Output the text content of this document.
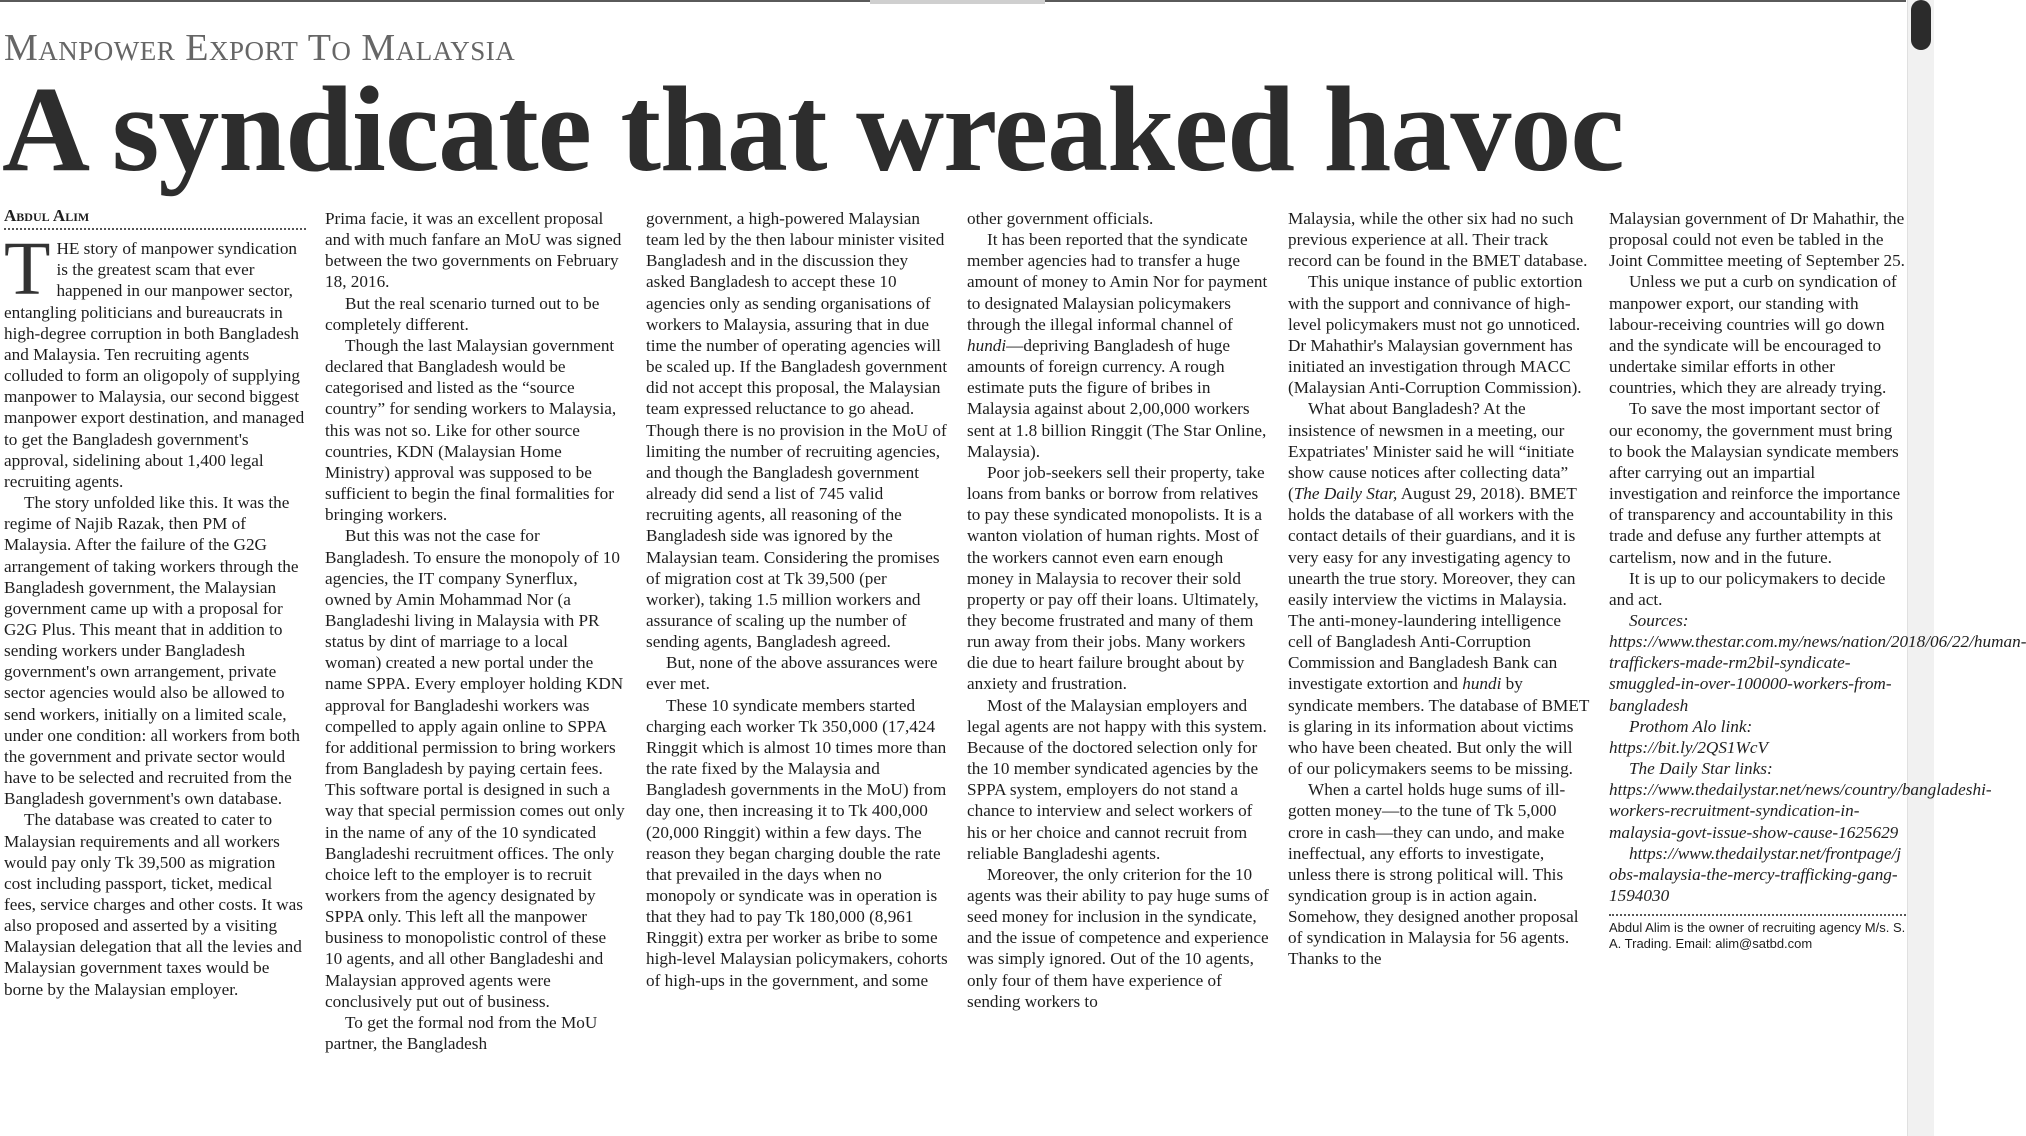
Manpower Export To Malaysia
A syndicate that wreaked havoc
Abdul Alim

THE story of manpower syndication is the greatest scam that ever happened in our manpower sector, entangling politicians and bureaucrats in high-degree corruption in both Bangladesh and Malaysia. Ten recruiting agents colluded to form an oligopoly of supplying manpower to Malaysia, our second biggest manpower export destination, and managed to get the Bangladesh government's approval, sidelining about 1,400 legal recruiting agents.

The story unfolded like this. It was the regime of Najib Razak, then PM of Malaysia. After the failure of the G2G arrangement of taking workers through the Bangladesh government, the Malaysian government came up with a proposal for G2G Plus. This meant that in addition to sending workers under Bangladesh government's own arrangement, private sector agencies would also be allowed to send workers, initially on a limited scale, under one condition: all workers from both the government and private sector would have to be selected and recruited from the Bangladesh government's own database.

The database was created to cater to Malaysian requirements and all workers would pay only Tk 39,500 as migration cost including passport, ticket, medical fees, service charges and other costs. It was also proposed and asserted by a visiting Malaysian delegation that all the levies and Malaysian government taxes would be borne by the Malaysian employer.

Prima facie, it was an excellent proposal and with much fanfare an MoU was signed between the two governments on February 18, 2016.

But the real scenario turned out to be completely different.

Though the last Malaysian government declared that Bangladesh would be categorised and listed as the “source country” for sending workers to Malaysia, this was not so. Like for other source countries, KDN (Malaysian Home Ministry) approval was supposed to be sufficient to begin the final formalities for bringing workers.

But this was not the case for Bangladesh. To ensure the monopoly of 10 agencies, the IT company Synerflux, owned by Amin Mohammad Nor (a Bangladeshi living in Malaysia with PR status by dint of marriage to a local woman) created a new portal under the name SPPA. Every employer holding KDN approval for Bangladeshi workers was compelled to apply again online to SPPA for additional permission to bring workers from Bangladesh by paying certain fees. This software portal is designed in such a way that special permission comes out only in the name of any of the 10 syndicated Bangladeshi recruitment offices. The only choice left to the employer is to recruit workers from the agency designated by SPPA only. This left all the manpower business to monopolistic control of these 10 agents, and all other Bangladeshi and Malaysian approved agents were conclusively put out of business.

To get the formal nod from the MoU partner, the Bangladesh

government, a high-powered Malaysian team led by the then labour minister visited Bangladesh and in the discussion they asked Bangladesh to accept these 10 agencies only as sending organisations of workers to Malaysia, assuring that in due time the number of operating agencies will be scaled up. If the Bangladesh government did not accept this proposal, the Malaysian team expressed reluctance to go ahead. Though there is no provision in the MoU of limiting the number of recruiting agencies, and though the Bangladesh government already did send a list of 745 valid recruiting agents, all reasoning of the Bangladesh side was ignored by the Malaysian team. Considering the promises of migration cost at Tk 39,500 (per worker), taking 1.5 million workers and assurance of scaling up the number of sending agents, Bangladesh agreed.

But, none of the above assurances were ever met.

These 10 syndicate members started charging each worker Tk 350,000 (17,424 Ringgit which is almost 10 times more than the rate fixed by the Malaysia and Bangladesh governments in the MoU) from day one, then increasing it to Tk 400,000 (20,000 Ringgit) within a few days. The reason they began charging double the rate that prevailed in the days when no monopoly or syndicate was in operation is that they had to pay Tk 180,000 (8,961 Ringgit) extra per worker as bribe to some high-level Malaysian policymakers, cohorts of high-ups in the government, and some

other government officials.

It has been reported that the syndicate member agencies had to transfer a huge amount of money to Amin Nor for payment to designated Malaysian policymakers through the illegal informal channel of hundi—depriving Bangladesh of huge amounts of foreign currency. A rough estimate puts the figure of bribes in Malaysia against about 2,00,000 workers sent at 1.8 billion Ringgit (The Star Online, Malaysia).

Poor job-seekers sell their property, take loans from banks or borrow from relatives to pay these syndicated monopolists. It is a wanton violation of human rights. Most of the workers cannot even earn enough money in Malaysia to recover their sold property or pay off their loans. Ultimately, they become frustrated and many of them run away from their jobs. Many workers die due to heart failure brought about by anxiety and frustration.

Most of the Malaysian employers and legal agents are not happy with this system. Because of the doctored selection only for the 10 member syndicated agencies by the SPPA system, employers do not stand a chance to interview and select workers of his or her choice and cannot recruit from reliable Bangladeshi agents.

Moreover, the only criterion for the 10 agents was their ability to pay huge sums of seed money for inclusion in the syndicate, and the issue of competence and experience was simply ignored. Out of the 10 agents, only four of them have experience of sending workers to

Malaysia, while the other six had no such previous experience at all. Their track record can be found in the BMET database.

This unique instance of public extortion with the support and connivance of high-level policymakers must not go unnoticed. Dr Mahathir's Malaysian government has initiated an investigation through MACC (Malaysian Anti-Corruption Commission).

What about Bangladesh? At the insistence of newsmen in a meeting, our Expatriates' Minister said he will “initiate show cause notices after collecting data” (The Daily Star, August 29, 2018). BMET holds the database of all workers with the contact details of their guardians, and it is very easy for any investigating agency to unearth the true story. Moreover, they can easily interview the victims in Malaysia. The anti-money-laundering intelligence cell of Bangladesh Anti-Corruption Commission and Bangladesh Bank can investigate extortion and hundi by syndicate members. The database of BMET is glaring in its information about victims who have been cheated. But only the will of our policymakers seems to be missing.

When a cartel holds huge sums of ill-gotten money—to the tune of Tk 5,000 crore in cash—they can undo, and make ineffectual, any efforts to investigate, unless there is strong political will. This syndication group is in action again. Somehow, they designed another proposal of syndication in Malaysia for 56 agents. Thanks to the

Malaysian government of Dr Mahathir, the proposal could not even be tabled in the Joint Committee meeting of September 25.

Unless we put a curb on syndication of manpower export, our standing with labour-receiving countries will go down and the syndicate will be encouraged to undertake similar efforts in other countries, which they are already trying.

To save the most important sector of our economy, the government must bring to book the Malaysian syndicate members after carrying out an impartial investigation and reinforce the importance of transparency and accountability in this trade and defuse any further attempts at cartelism, now and in the future.

It is up to our policymakers to decide and act.

Sources:

https://www.thestar.com.my/news/nation/2018/06/22/human-traffickers-made-rm2bil-syndicate-smuggled-in-over-100000-workers-from-bangladesh

Prothom Alo link:

https://bit.ly/2QS1WcV

The Daily Star links:

https://www.thedailystar.net/news/country/bangladeshi-workers-recruitment-syndication-in-malaysia-govt-issue-show-cause-1625629

https://www.thedailystar.net/frontpage/jobs-malaysia-the-mercy-trafficking-gang-1594030

Abdul Alim is the owner of recruiting agency M/s. S. A. Trading. Email: alim@satbd.com
